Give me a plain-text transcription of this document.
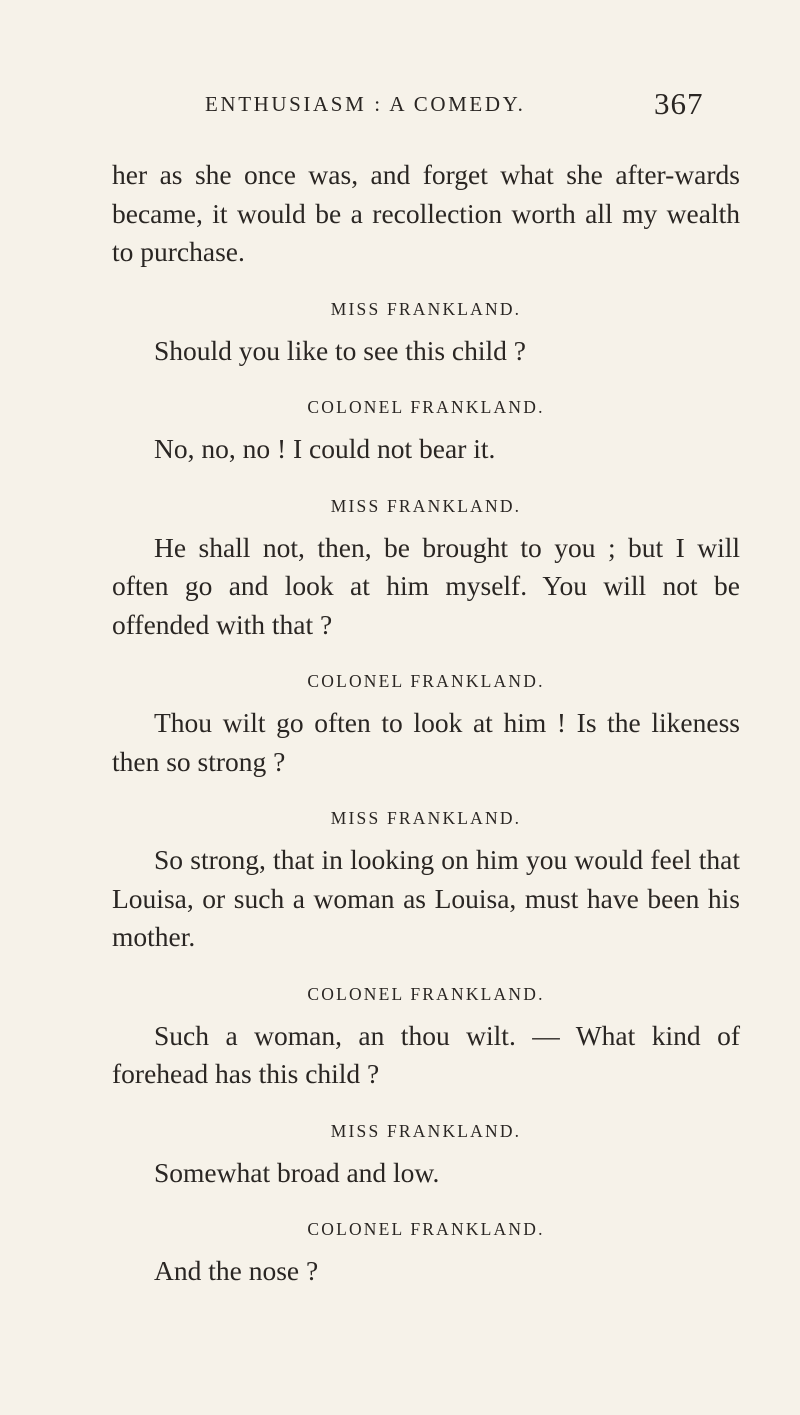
ENTHUSIASM : A COMEDY.	367

her as she once was, and forget what she after-wards became, it would be a recollection worth all my wealth to purchase.

MISS FRANKLAND.

Should you like to see this child ?

COLONEL FRANKLAND.

No, no, no ! I could not bear it.

MISS FRANKLAND.

He shall not, then, be brought to you ; but I will often go and look at him myself. You will not be offended with that ?

COLONEL FRANKLAND.

Thou wilt go often to look at him ! Is the likeness then so strong ?

MISS FRANKLAND.

So strong, that in looking on him you would feel that Louisa, or such a woman as Louisa, must have been his mother.

COLONEL FRANKLAND.

Such a woman, an thou wilt. — What kind of forehead has this child ?

MISS FRANKLAND.

Somewhat broad and low.

COLONEL FRANKLAND.

And the nose ?
